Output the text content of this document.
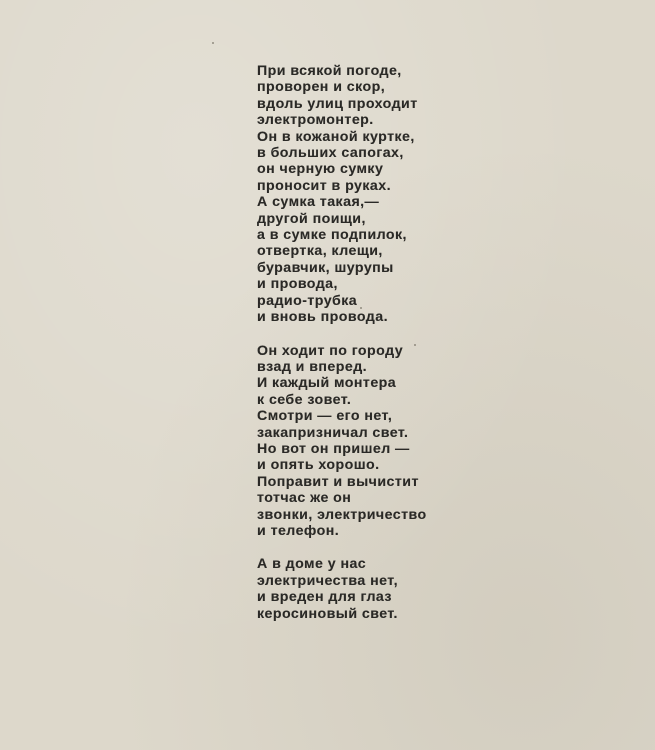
При всякой погоде,
проворен и скор,
вдоль улиц проходит
электромонтер.
Он в кожаной куртке,
в больших сапогах,
он черную сумку
проносит в руках.
А сумка такая,—
другой поищи,
а в сумке подпилок,
отвертка, клещи,
буравчик, шурупы
и провода,
радио-трубка
и вновь провода.
Он ходит по городу
взад и вперед.
И каждый монтера
к себе зовет.
Смотри — его нет,
закапризничал свет.
Но вот он пришел —
и опять хорошо.
Поправит и вычистит
тотчас же он
звонки, электричество
и телефон.
А в доме у нас
электричества нет,
и вреден для глаз
керосиновый свет.
